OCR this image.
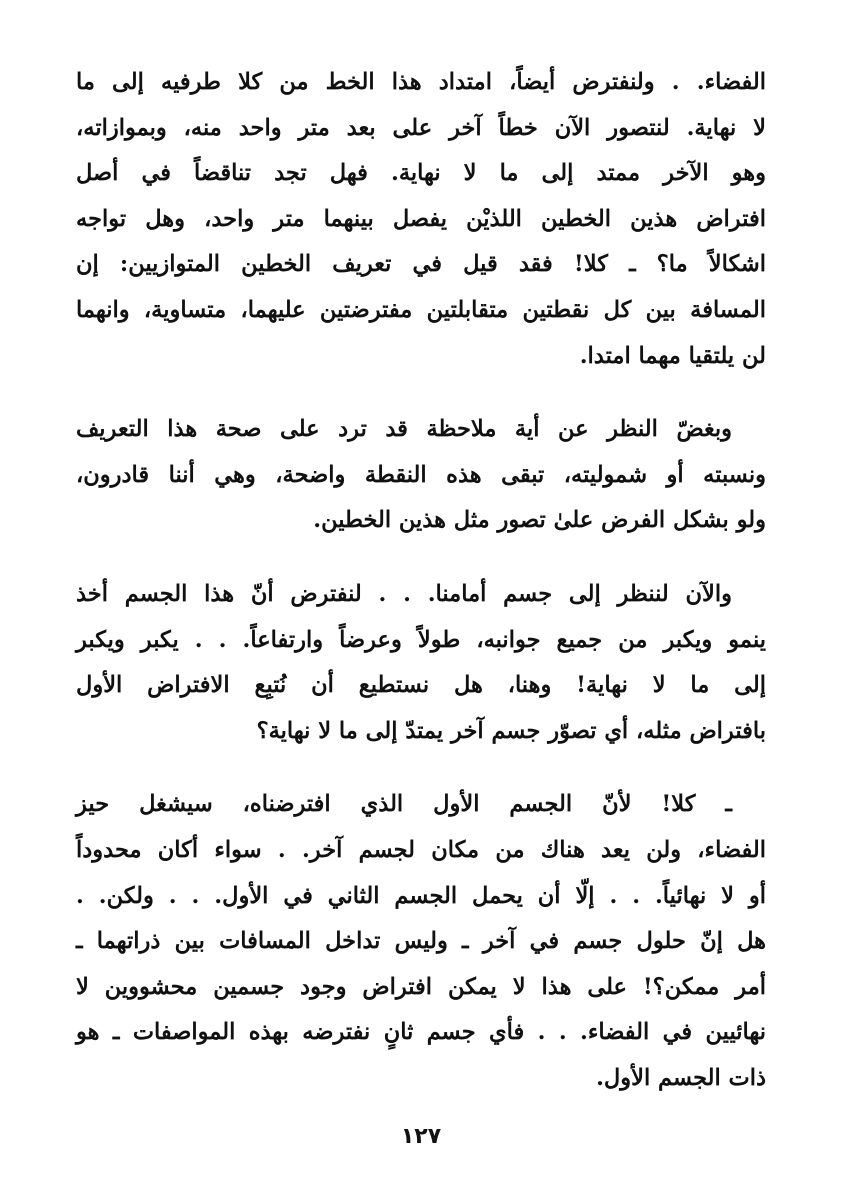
الفضاء. . ولنفترض أيضاً، امتداد هذا الخط من كلا طرفيه إلى ما
لا نهاية. لنتصور الآن خطاً آخر على بعد متر واحد منه، وبموازاته،
وهو الآخر ممتد إلى ما لا نهاية. فهل تجد تناقضاً في أصل
افتراض هذين الخطين اللذيْن يفصل بينهما متر واحد، وهل تواجه
اشكالاً ما؟ ـ كلا! فقد قيل في تعريف الخطين المتوازيين: إن
المسافة بين كل نقطتين متقابلتين مفترضتين عليهما، متساوية، وانهما
لن يلتقيا مهما امتدا.
وبغضّ النظر عن أية ملاحظة قد ترد على صحة هذا التعريف
ونسبته أو شموليته، تبقى هذه النقطة واضحة، وهي أننا قادرون،
ولو بشكل الفرض علىٰ تصور مثل هذين الخطين.
والآن لننظر إلى جسم أمامنا. . . لنفترض أنّ هذا الجسم أخذ
ينمو ويكبر من جميع جوانبه، طولاً وعرضاً وارتفاعاً. . . يكبر ويكبر
إلى ما لا نهاية! وهنا، هل نستطيع أن نُتبِع الافتراض الأول
بافتراض مثله، أي تصوّر جسم آخر يمتدّ إلى ما لا نهاية؟
ـ كلا! لأنّ الجسم الأول الذي افترضناه، سيشغل حيز
الفضاء، ولن يعد هناك من مكان لجسم آخر. . سواء أكان محدوداً
أو لا نهائياً. . . إلّا أن يحمل الجسم الثاني في الأول. . . ولكن. .
هل إنّ حلول جسم في آخر ـ وليس تداخل المسافات بين ذراتهما ـ
أمر ممكن؟! على هذا لا يمكن افتراض وجود جسمين محشووين لا
نهائيين في الفضاء. . . فأي جسم ثانٍ نفترضه بهذه المواصفات ـ هو
ذات الجسم الأول.
١٢٧
